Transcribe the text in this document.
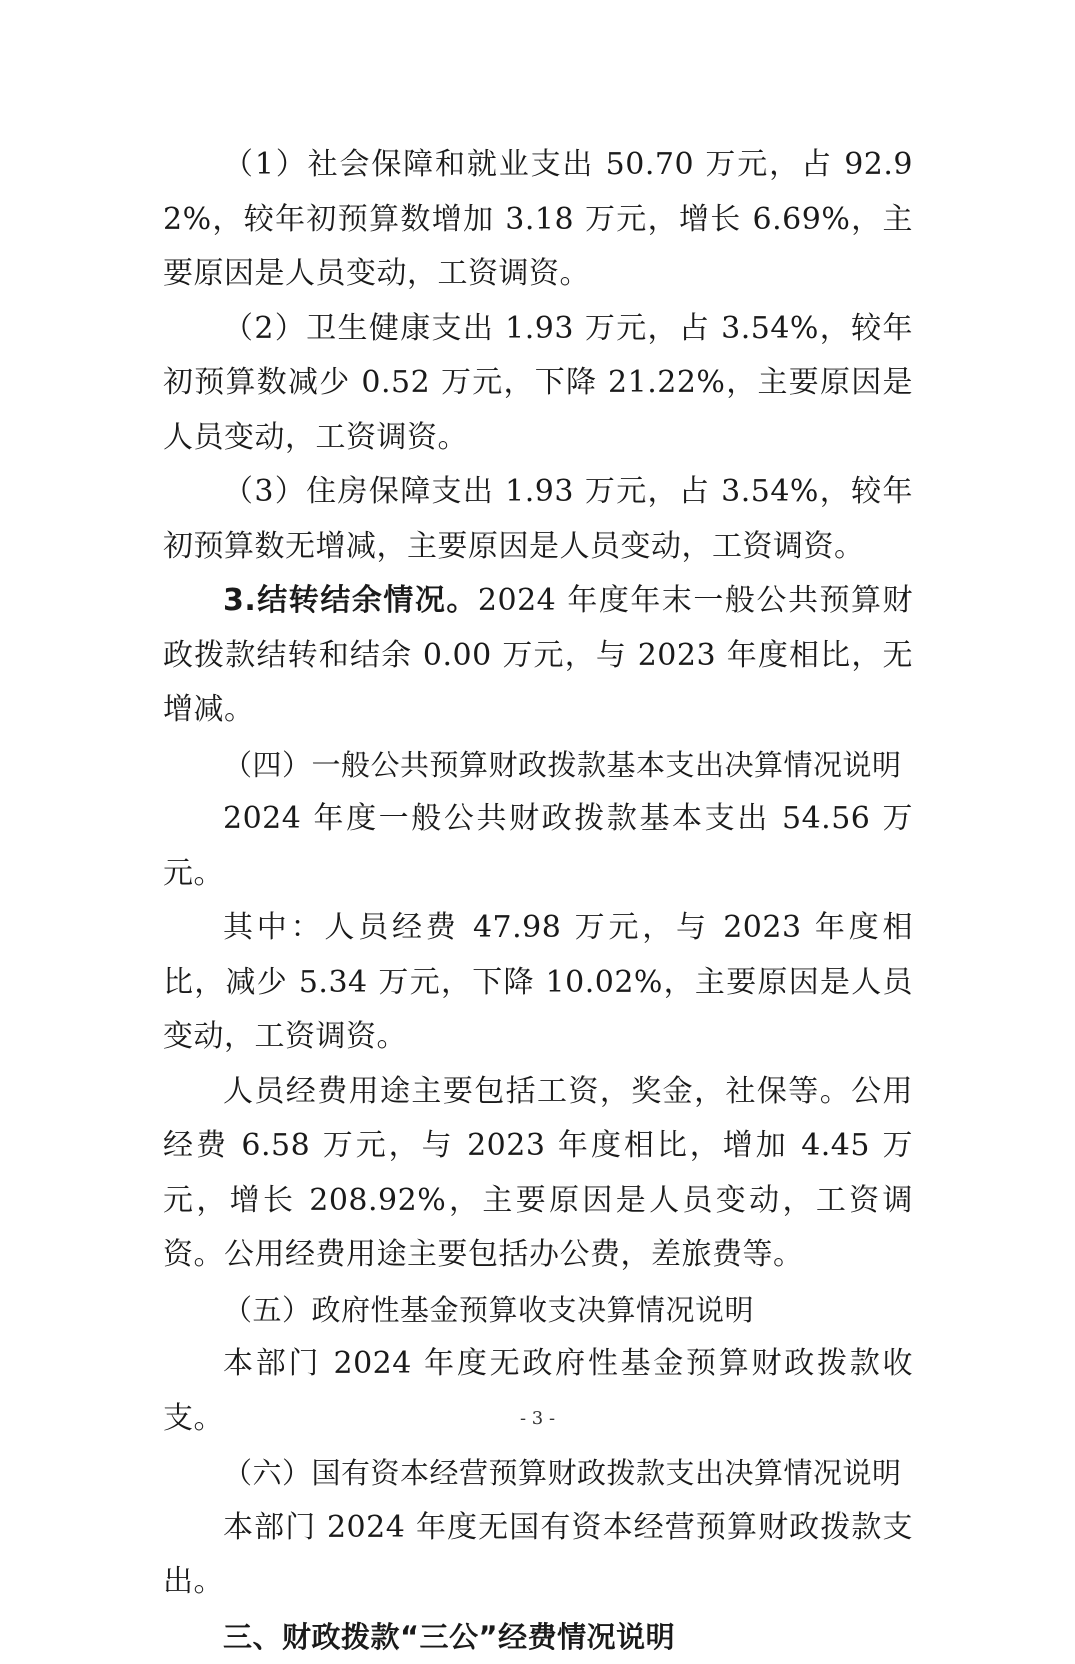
（1）社会保障和就业支出 50.70 万元，占 92.92%，较年初预算数增加 3.18 万元，增长 6.69%，主要原因是人员变动，工资调资。

（2）卫生健康支出 1.93 万元，占 3.54%，较年初预算数减少 0.52 万元，下降 21.22%，主要原因是人员变动，工资调资。

（3）住房保障支出 1.93 万元，占 3.54%，较年初预算数无增减，主要原因是人员变动，工资调资。

3.结转结余情况。2024 年度年末一般公共预算财政拨款结转和结余 0.00 万元，与 2023 年度相比，无增减。

（四）一般公共预算财政拨款基本支出决算情况说明

2024 年度一般公共财政拨款基本支出 54.56 万元。

其中：人员经费 47.98 万元，与 2023 年度相比，减少 5.34 万元，下降 10.02%，主要原因是人员变动，工资调资。

人员经费用途主要包括工资，奖金，社保等。公用经费 6.58 万元，与 2023 年度相比，增加 4.45 万元，增长 208.92%，主要原因是人员变动，工资调资。公用经费用途主要包括办公费，差旅费等。

（五）政府性基金预算收支决算情况说明

本部门 2024 年度无政府性基金预算财政拨款收支。

（六）国有资本经营预算财政拨款支出决算情况说明

本部门 2024 年度无国有资本经营预算财政拨款支出。

三、财政拨款“三公”经费情况说明

- 3 -
